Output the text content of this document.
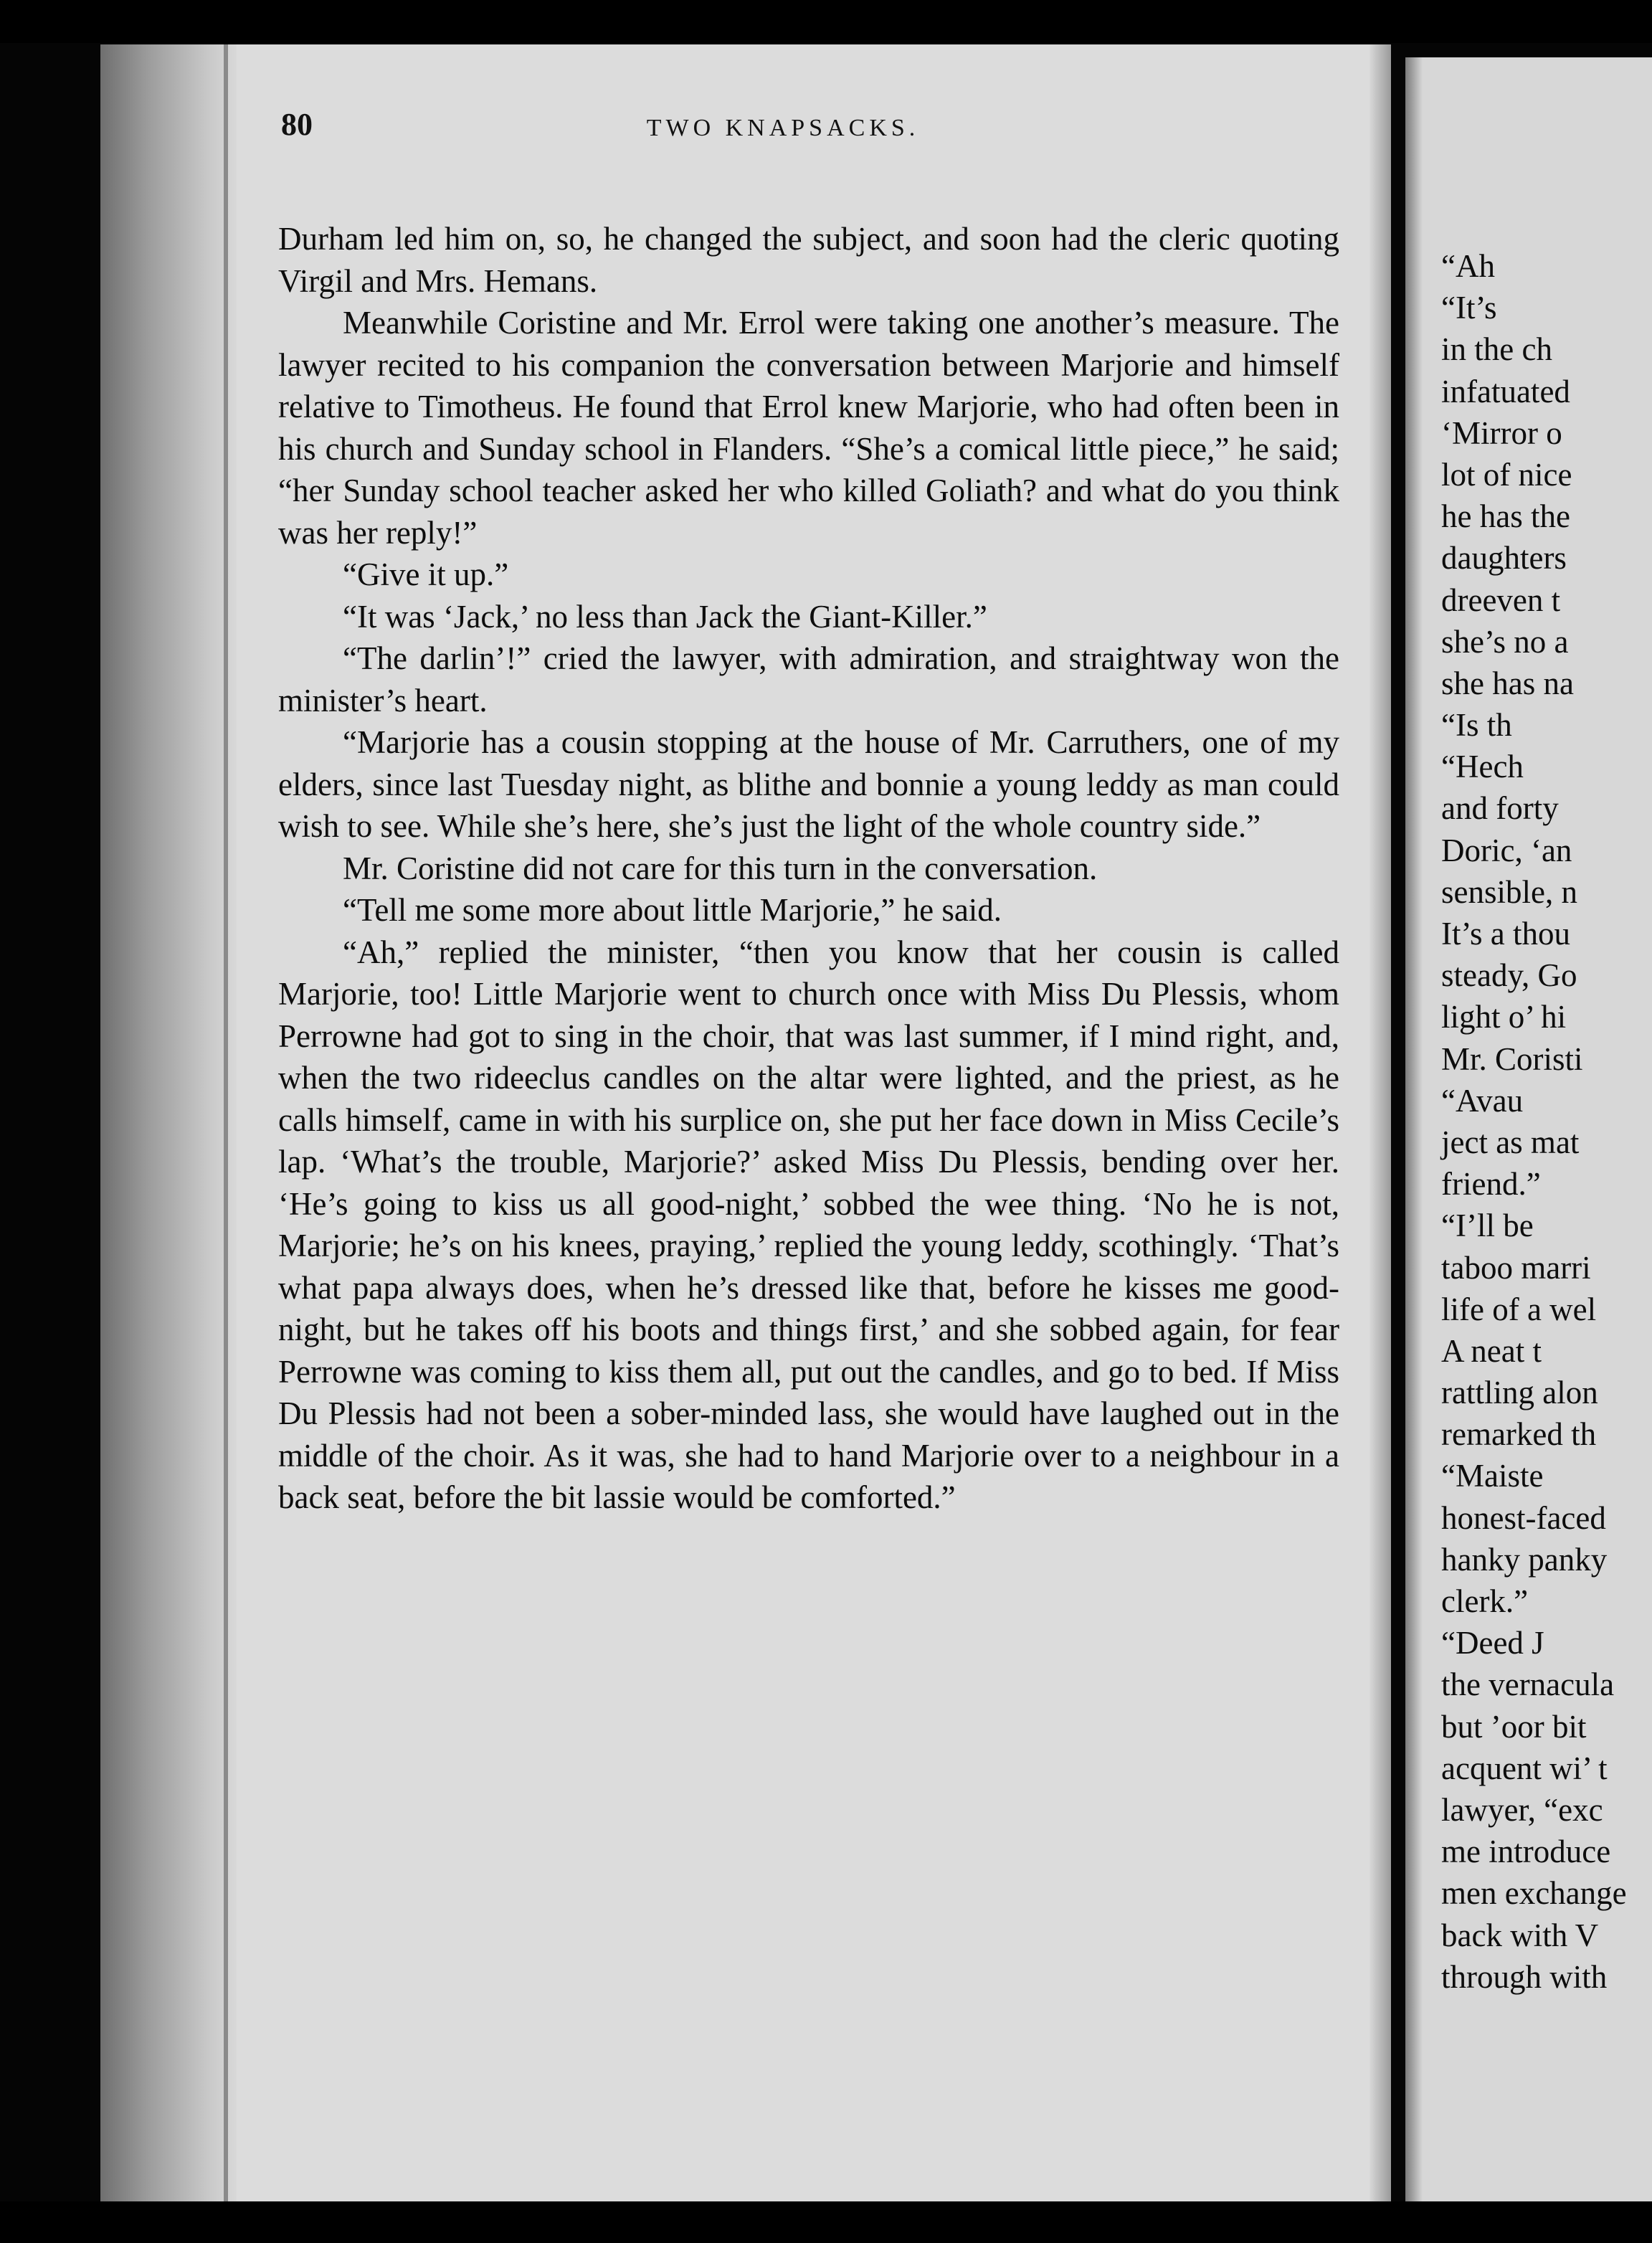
80	TWO KNAPSACKS.

Durham led him on, so, he changed the subject, and soon had the cleric quoting Virgil and Mrs. Hemans.

Meanwhile Coristine and Mr. Errol were taking one another’s measure. The lawyer recited to his companion the conversation between Marjorie and himself relative to Timotheus. He found that Errol knew Marjorie, who had often been in his church and Sunday school in Flanders. “She’s a comical little piece,” he said; “her Sunday school teacher asked her who killed Goliath? and what do you think was her reply!”

“Give it up.”

“It was ‘Jack,’ no less than Jack the Giant-Killer.”

“The darlin’!” cried the lawyer, with admiration, and straightway won the minister’s heart.

“Marjorie has a cousin stopping at the house of Mr. Carruthers, one of my elders, since last Tuesday night, as blithe and bonnie a young leddy as man could wish to see. While she’s here, she’s just the light of the whole country side.”

Mr. Coristine did not care for this turn in the conversation.

“Tell me some more about little Marjorie,” he said.

“Ah,” replied the minister, “then you know that her cousin is called Marjorie, too! Little Marjorie went to church once with Miss Du Plessis, whom Perrowne had got to sing in the choir, that was last summer, if I mind right, and, when the two rideeclus candles on the altar were lighted, and the priest, as he calls himself, came in with his surplice on, she put her face down in Miss Cecile’s lap. ‘What’s the trouble, Marjorie?’ asked Miss Du Plessis, bending over her. ‘He’s going to kiss us all good-night,’ sobbed the wee thing. ‘No he is not, Marjorie; he’s on his knees, praying,’ replied the young leddy, scothingly. ‘That’s what papa always does, when he’s dressed like that, before he kisses me good-night, but he takes off his boots and things first,’ and she sobbed again, for fear Perrowne was coming to kiss them all, put out the candles, and go to bed. If Miss Du Plessis had not been a sober-minded lass, she would have laughed out in the middle of the choir. As it was, she had to hand Marjorie over to a neighbour in a back seat, before the bit lassie would be comforted.”

“Ah
“It’s
in the ch
infatuated
‘Mirror o
lot of nice
he has the
daughters
dreeven t
she’s no a
she has na
“Is th
“Hech
and forty
Doric, ‘an
sensible, n
It’s a thou
steady, Go
light o’ hi
Mr. Coristi
“Avau
ject as mat
friend.”
“I’ll be
taboo marri
life of a wel
A neat t
rattling alon
remarked th
“Maiste
honest-faced
hanky panky
clerk.”
“Deed J
the vernacula
but ’oor bit
acquent wi’ t
lawyer, “exc
me introduce
men exchange
back with V
through with
